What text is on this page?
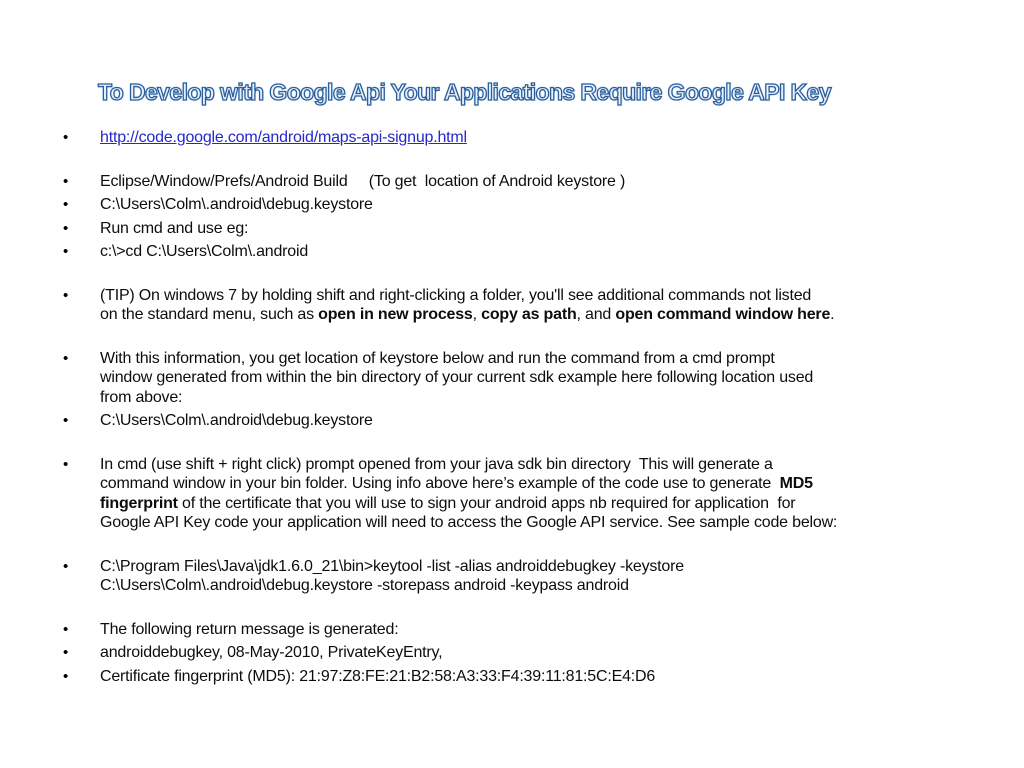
To Develop with Google Api Your Applications Require Google API Key
• http://code.google.com/android/maps-api-signup.html
• Eclipse/Window/Prefs/Android Build     (To get  location of Android keystore )
• C:\Users\Colm\.android\debug.keystore
• Run cmd and use eg:
• c:\>cd C:\Users\Colm\.android
• (TIP) On windows 7 by holding shift and right-clicking a folder, you'll see additional commands not listed
on the standard menu, such as open in new process, copy as path, and open command window here.
• With this information, you get location of keystore below and run the command from a cmd prompt
window generated from within the bin directory of your current sdk example here following location used
from above:
• C:\Users\Colm\.android\debug.keystore
• In cmd (use shift + right click) prompt opened from your java sdk bin directory  This will generate a
command window in your bin folder. Using info above here’s example of the code use to generate  MD5
fingerprint of the certificate that you will use to sign your android apps nb required for application  for
Google API Key code your application will need to access the Google API service. See sample code below:
• C:\Program Files\Java\jdk1.6.0_21\bin>keytool -list -alias androiddebugkey -keystore
C:\Users\Colm\.android\debug.keystore -storepass android -keypass android
• The following return message is generated:
• androiddebugkey, 08-May-2010, PrivateKeyEntry,
• Certificate fingerprint (MD5): 21:97:Z8:FE:21:B2:58:A3:33:F4:39:11:81:5C:E4:D6
